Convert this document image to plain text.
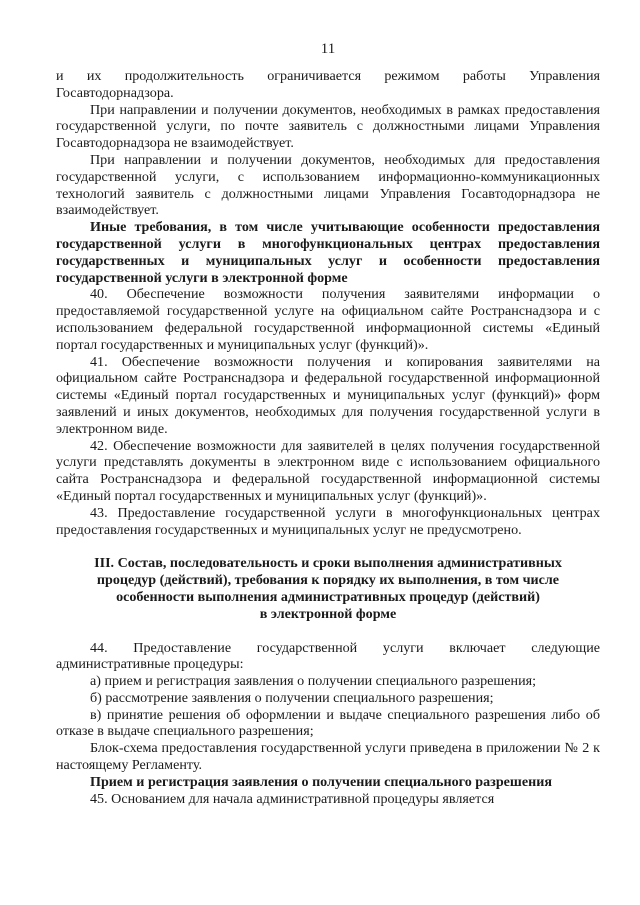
11

и их продолжительность ограничивается режимом работы Управления Госавтодорнадзора.

При направлении и получении документов, необходимых в рамках предоставления государственной услуги, по почте заявитель с должностными лицами Управления Госавтодорнадзора не взаимодействует.

При направлении и получении документов, необходимых для предоставления государственной услуги, с использованием информационно-коммуникационных технологий заявитель с должностными лицами Управления Госавтодорнадзора не взаимодействует.

Иные требования, в том числе учитывающие особенности предоставления государственной услуги в многофункциональных центрах предоставления государственных и муниципальных услуг и особенности предоставления государственной услуги в электронной форме

40. Обеспечение возможности получения заявителями информации о предоставляемой государственной услуге на официальном сайте Ространснадзора и с использованием федеральной государственной информационной системы «Единый портал государственных и муниципальных услуг (функций)».

41. Обеспечение возможности получения и копирования заявителями на официальном сайте Ространснадзора и федеральной государственной информационной системы «Единый портал государственных и муниципальных услуг (функций)» форм заявлений и иных документов, необходимых для получения государственной услуги в электронном виде.

42. Обеспечение возможности для заявителей в целях получения государственной услуги представлять документы в электронном виде с использованием официального сайта Ространснадзора и федеральной государственной информационной системы «Единый портал государственных и муниципальных услуг (функций)».

43. Предоставление государственной услуги в многофункциональных центрах предоставления государственных и муниципальных услуг не предусмотрено.

III. Состав, последовательность и сроки выполнения административных

процедур (действий), требования к порядку их выполнения, в том числе

особенности выполнения административных процедур (действий)

в электронной форме

44. Предоставление государственной услуги включает следующие административные процедуры:

а) прием и регистрация заявления о получении специального разрешения;

б) рассмотрение заявления о получении специального разрешения;

в) принятие решения об оформлении и выдаче специального разрешения либо об отказе в выдаче специального разрешения;

Блок-схема предоставления государственной услуги приведена в приложении № 2 к настоящему Регламенту.

Прием и регистрация заявления о получении специального разрешения

45. Основанием для начала административной процедуры является
